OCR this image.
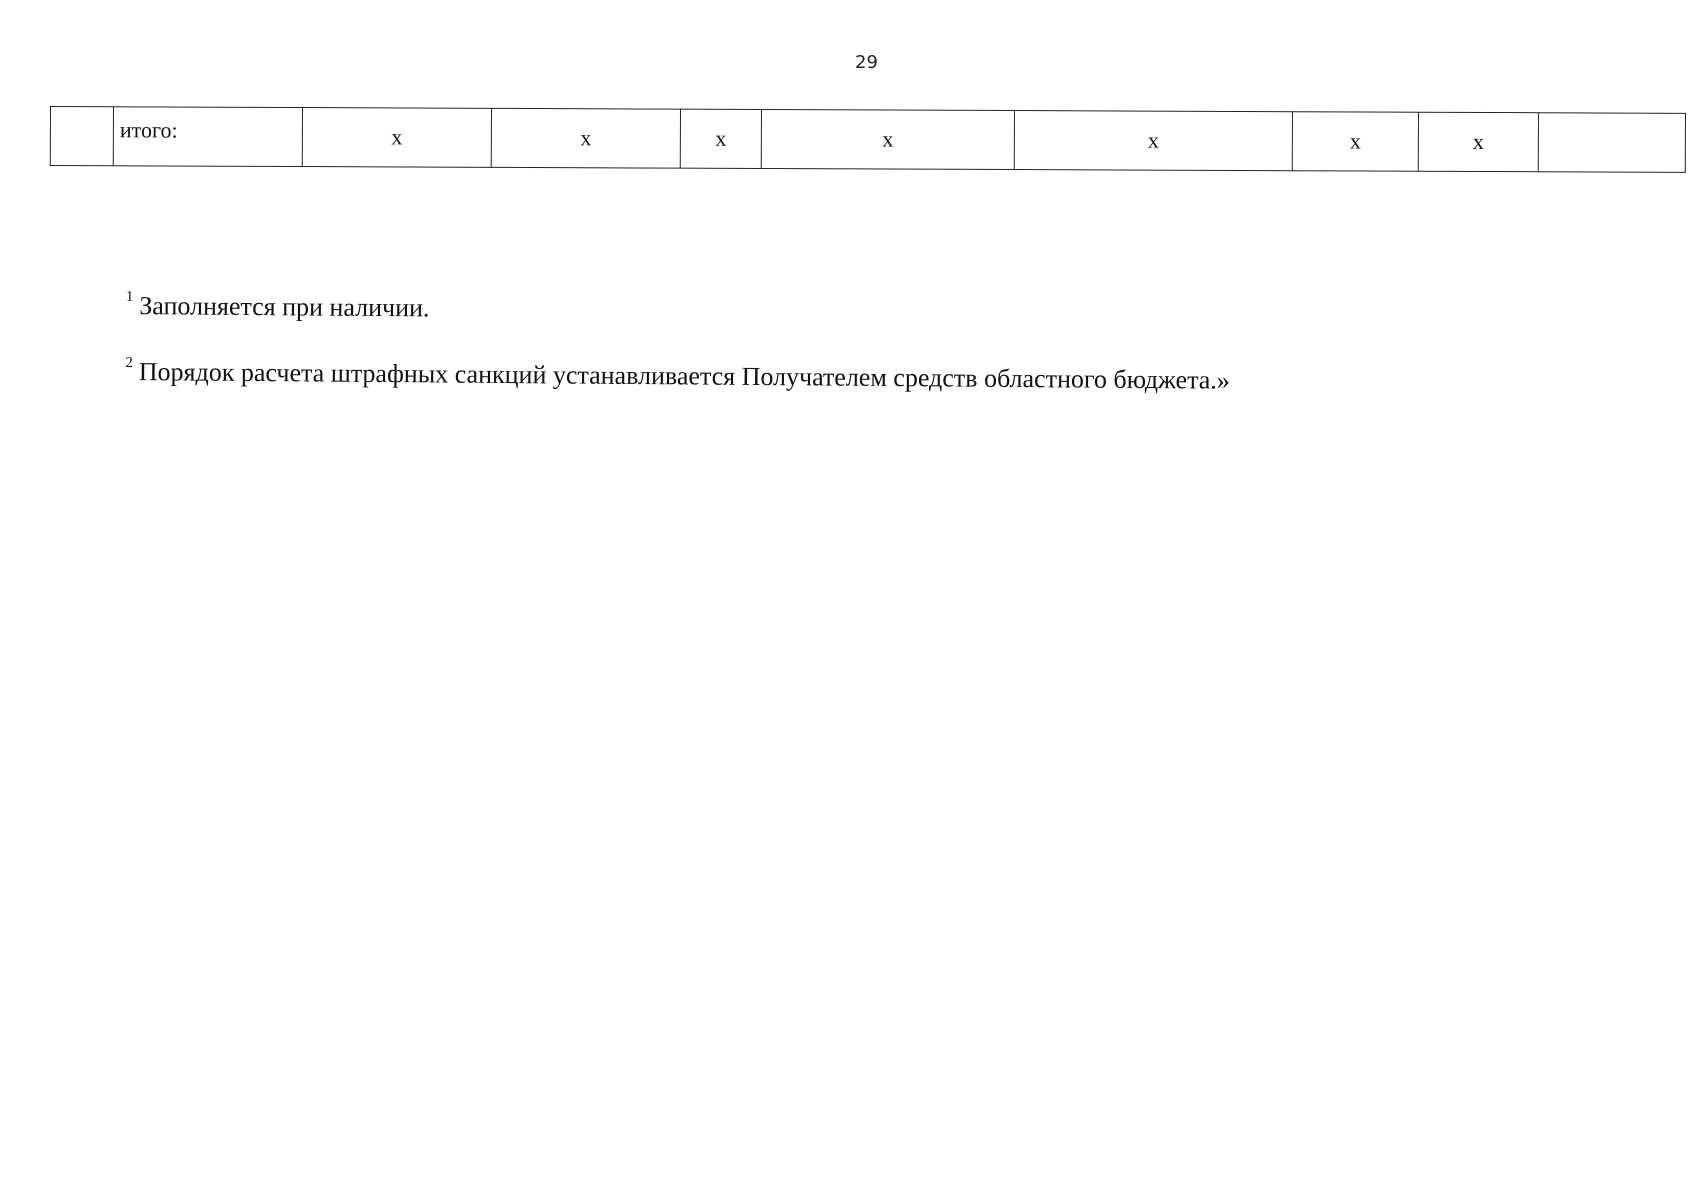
29
	итого:	х	х	х	х	х	х	х	

$^1$ Заполняется при наличии.

$^2$ Порядок расчета штрафных санкций устанавливается Получателем средств областного бюджета.»
